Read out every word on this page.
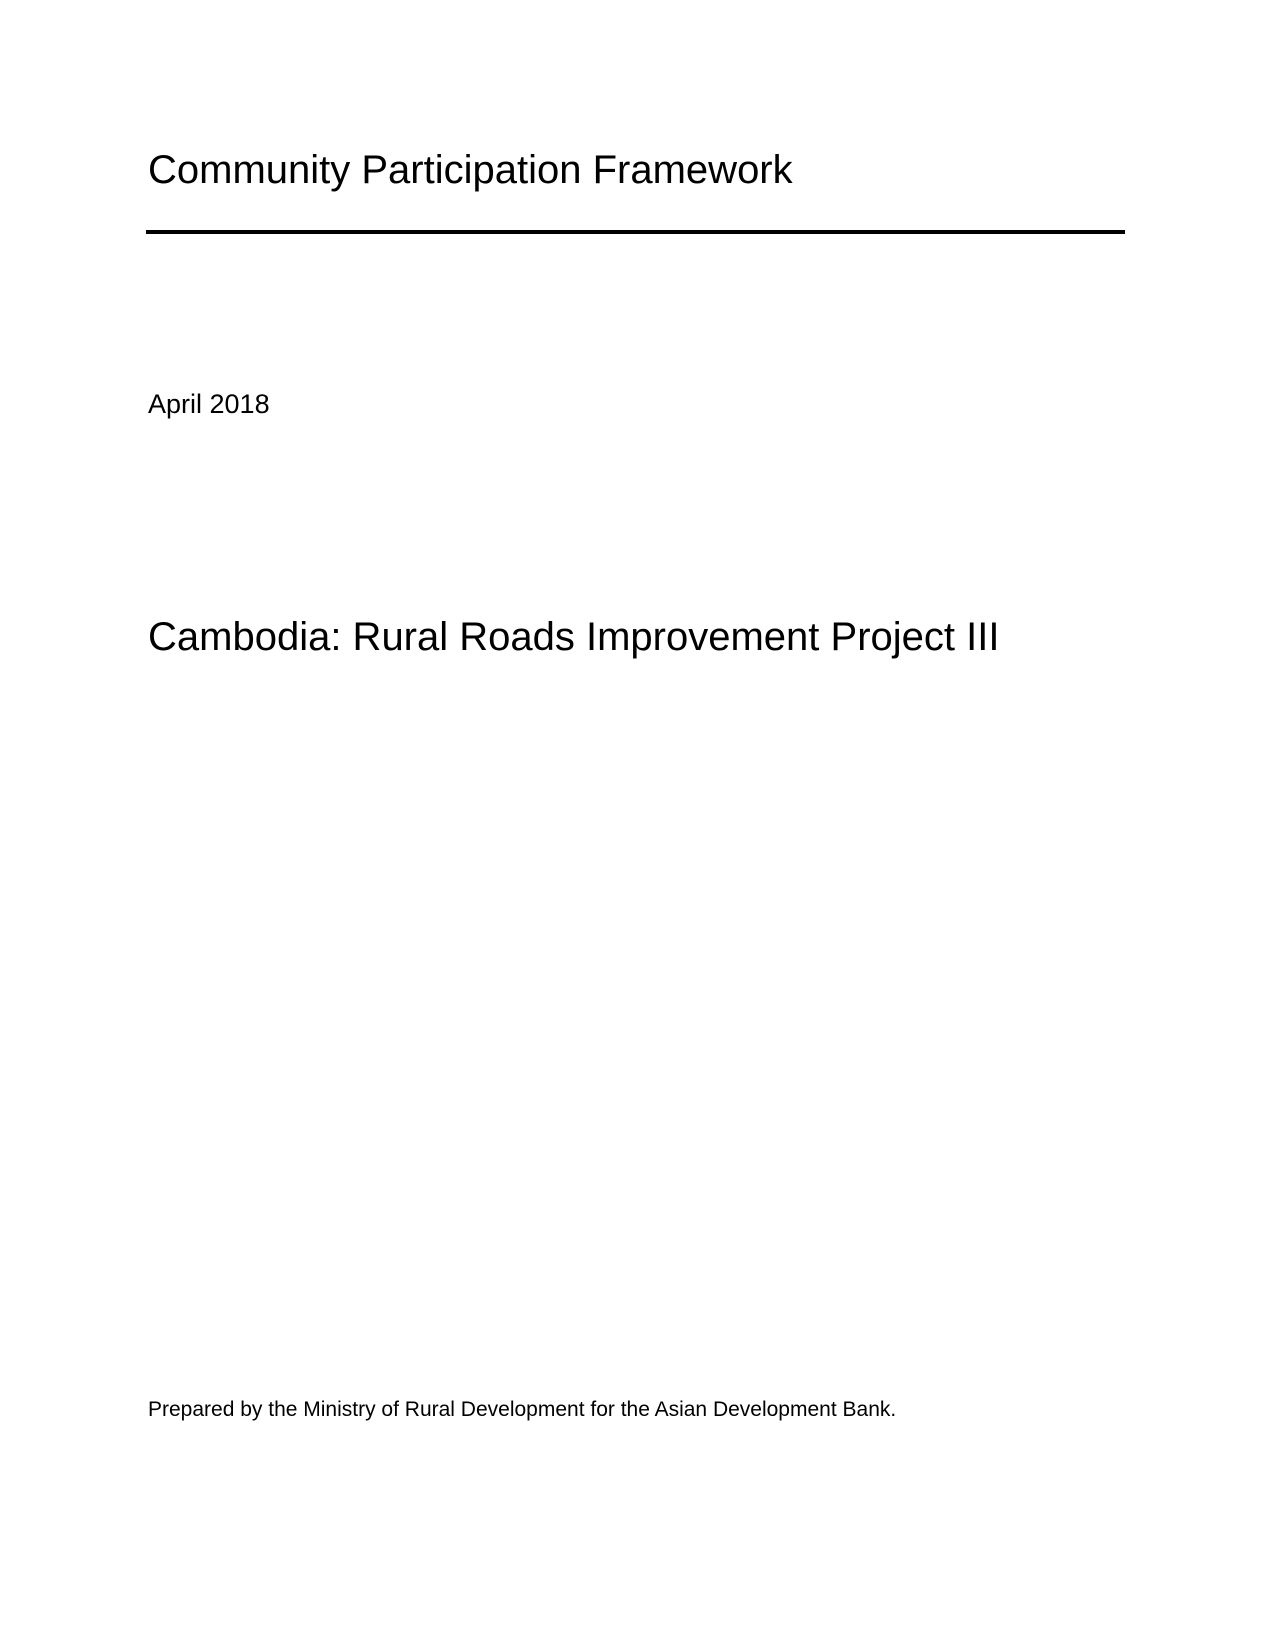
Community Participation Framework
April 2018
Cambodia: Rural Roads Improvement Project III
Prepared by the Ministry of Rural Development for the Asian Development Bank.
